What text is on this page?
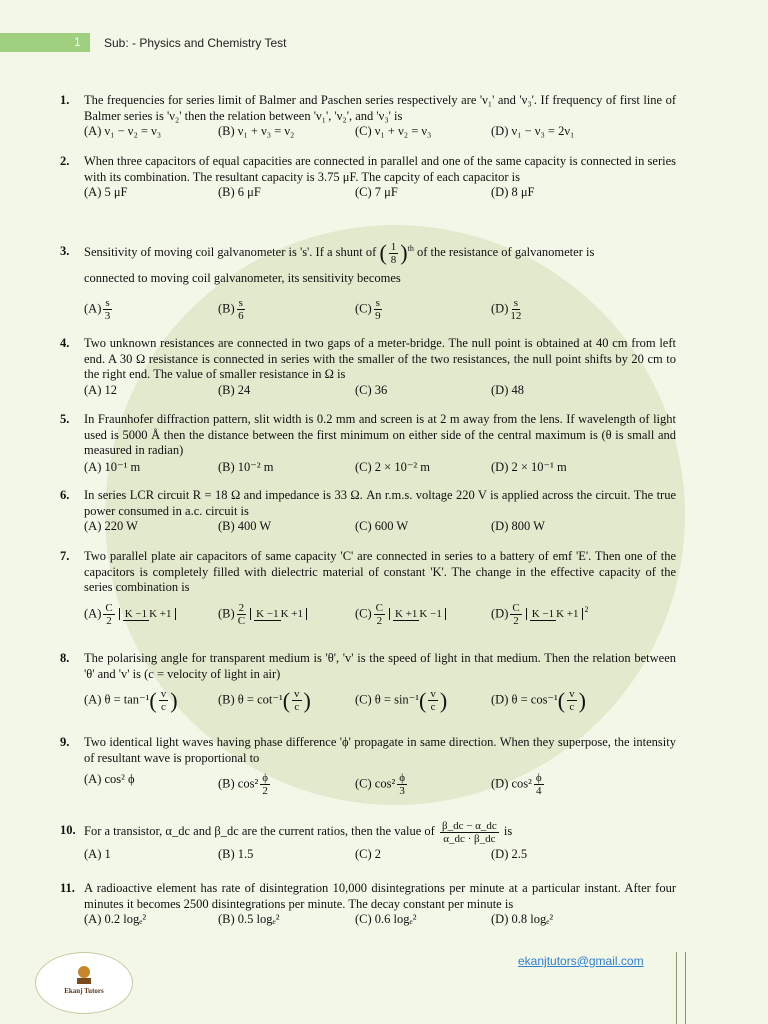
1 Sub: - Physics and Chemistry Test
1. The frequencies for series limit of Balmer and Paschen series respectively are 'ν₁' and 'ν₃'. If frequency of first line of Balmer series is 'ν₂' then the relation between 'ν₁', 'ν₂', and 'ν₃' is
(A) ν₁ − ν₂ = ν₃	(B) ν₁ + ν₃ = ν₂	(C) ν₁ + ν₂ = ν₃	(D) ν₁ − ν₃ = 2ν₁
2. When three capacitors of equal capacities are connected in parallel and one of the same capacity is connected in series with its combination. The resultant capacity is 3.75 μF. The capcity of each capacitor is
(A) 5 μF	(B) 6 μF	(C) 7 μF	(D) 8 μF
3. Sensitivity of moving coil galvanometer is 's'. If a shunt of ( $\frac{1}{8} )^{th}$ of the resistance of galvanometer is
connected to moving coil galvanometer, its sensitivity becomes
$(A) \frac{s}{3}$	$(B) \frac{s}{6}$	$(C) \frac{s}{9}$	$(D) \frac{s}{12}$
4. Two unknown resistances are connected in two gaps of a meter-bridge. The null point is obtained at 40 cm from left end. A 30 Ω resistance is connected in series with the smaller of the two resistances, the null point shifts by 20 cm to the right end. The value of smaller resistance in Ω is
(A) 12	(B) 24	(C) 36	(D) 48
5. In Fraunhofer diffraction pattern, slit width is 0.2 mm and screen is at 2 m away from the lens. If wavelength of light used is 5000 Å then the distance between the first minimum on either side of the central maximum is (θ is small and measured in radian)
(A) 10⁻¹ m	(B) 10⁻² m	(C) 2 × 10⁻² m	(D) 2 × 10⁻¹ m
6. In series LCR circuit R = 18 Ω and impedance is 33 Ω. An r.m.s. voltage 220 V is applied across the circuit. The true power consumed in a.c. circuit is
(A) 220 W	(B) 400 W	(C) 600 W	(D) 800 W
7. Two parallel plate air capacitors of same capacity 'C' are connected in series to a battery of emf 'E'. Then one of the capacitors is completely filled with dielectric material of constant 'K'. The change in the effective capacity of the series combination is
$(A) \frac{C}{2}$ K −1 K +1	$(B) \frac{2}{C}$ K −1 K +1	$(C) \frac{C}{2}$ K +1 K −1	$(D) \frac{C}{2}$ K −1 K +1 $^2$
8. The polarising angle for transparent medium is 'θ', 'v' is the speed of light in that medium. Then the relation between 'θ' and 'v' is (c = velocity of light in air)
(A) $\theta = \tan^{-1}( \frac{v}{c}$ )	(B) $\theta = \cot^{-1}( \frac{v}{c}$ )	(C) $\theta = \sin^{-1}( \frac{v}{c}$ )	(D) $\theta = \cos^{-1}( \frac{v}{c}$ )
9. Two identical light waves having phase difference 'ϕ' propagate in same direction. When they superpose, the intensity of resultant wave is proportional to
(A) cos² ϕ	(B) $\cos^2 \frac{\phi}{2}$	(C) $\cos^2 \frac{\phi}{3}$	(D) $\cos^2 \frac{\phi}{4}$
10. For a transistor, α_dc and β_dc are the current ratios, then the value of $\frac{\beta\_dc - \alpha\_dc}{\alpha\_dc \cdot \beta\_dc}$ is
(A) 1	(B) 1.5	(C) 2	(D) 2.5
11. A radioactive element has rate of disintegration 10,000 disintegrations per minute at a particular instant. After four minutes it becomes 2500 disintegrations per minute. The decay constant per minute is
(A) 0.2 logₑ²	(B) 0.5 logₑ²	(C) 0.6 logₑ²	(D) 0.8 logₑ²
Ekanj Tutors
ekanjtutors@gmail.com
